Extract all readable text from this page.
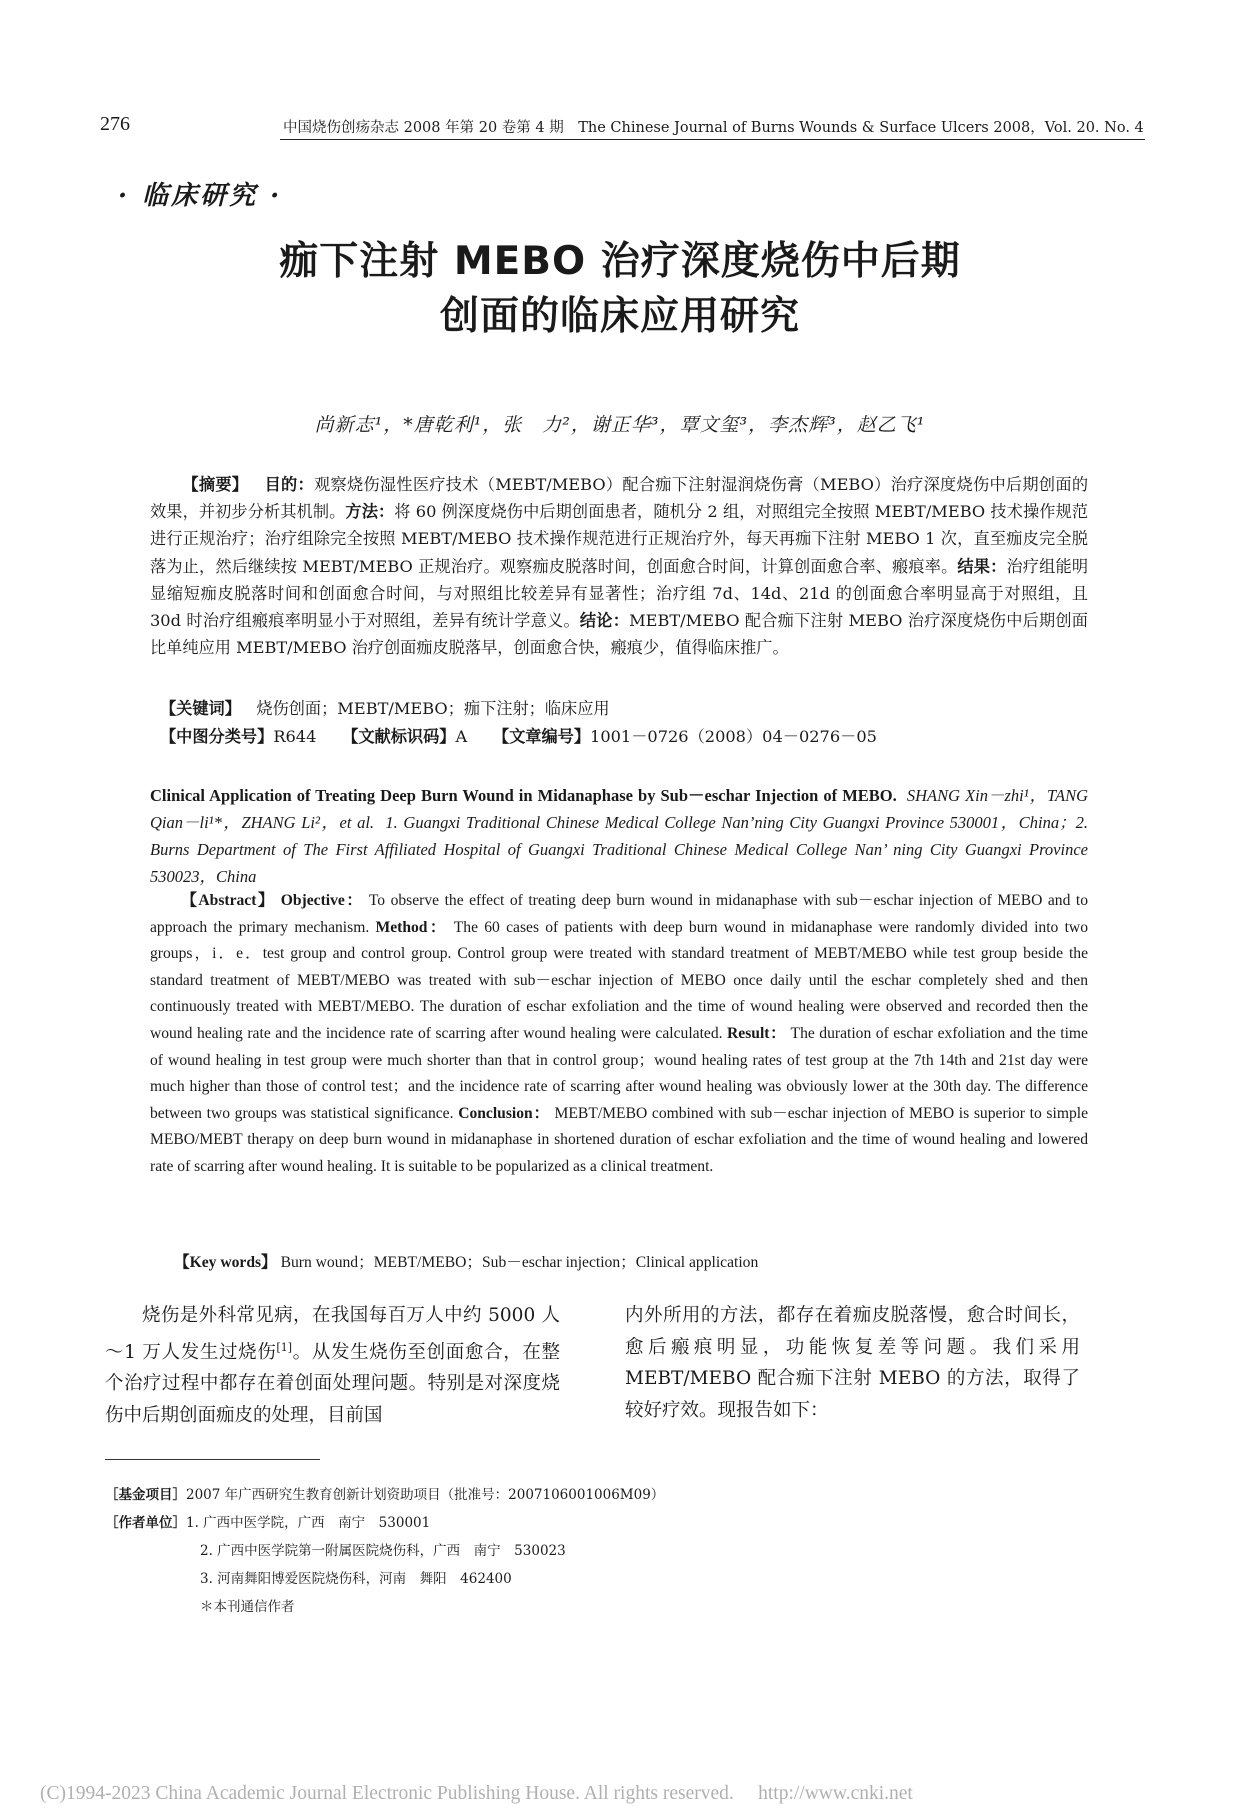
276	中国烧伤创疡杂志 2008 年第 20 卷第 4 期　The Chinese Journal of Burns Wounds & Surface Ulcers 2008，Vol. 20. No. 4
· 临床研究 ·
痂下注射 MEBO 治疗深度烧伤中后期
创面的临床应用研究
尚新志¹，*唐乾利¹，张　力²，谢正华³，覃文玺³，李杰辉³，赵乙飞¹
【摘要】 目的：观察烧伤湿性医疗技术（MEBT/MEBO）配合痂下注射湿润烧伤膏（MEBO）治疗深度烧伤中后期创面的效果，并初步分析其机制。方法：将 60 例深度烧伤中后期创面患者，随机分 2 组，对照组完全按照 MEBT/MEBO 技术操作规范进行正规治疗；治疗组除完全按照 MEBT/MEBO 技术操作规范进行正规治疗外，每天再痂下注射 MEBO 1 次，直至痂皮完全脱落为止，然后继续按 MEBT/MEBO 正规治疗。观察痂皮脱落时间，创面愈合时间，计算创面愈合率、瘢痕率。结果：治疗组能明显缩短痂皮脱落时间和创面愈合时间，与对照组比较差异有显著性；治疗组 7d、14d、21d 的创面愈合率明显高于对照组，且 30d 时治疗组瘢痕率明显小于对照组，差异有统计学意义。结论：MEBT/MEBO 配合痂下注射 MEBO 治疗深度烧伤中后期创面比单纯应用 MEBT/MEBO 治疗创面痂皮脱落早，创面愈合快，瘢痕少，值得临床推广。
【关键词】 烧伤创面；MEBT/MEBO；痂下注射；临床应用
【中图分类号】R644 【文献标识码】A 【文章编号】1001－0726（2008）04－0276－05
Clinical Application of Treating Deep Burn Wound in Midanaphase by Sub－eschar Injection of MEBO. SHANG Xin－zhi¹，TANG Qian－li¹*，ZHANG Li²，et al. 1. Guangxi Traditional Chinese Medical College Nan’ning City Guangxi Province 530001，China；2. Burns Department of The First Affiliated Hospital of Guangxi Traditional Chinese Medical College Nan’ ning City Guangxi Province 530023，China
【Abstract】 Objective： To observe the effect of treating deep burn wound in midanaphase with sub－eschar injection of MEBO and to approach the primary mechanism. Method： The 60 cases of patients with deep burn wound in midanaphase were randomly divided into two groups，i．e．test group and control group. Control group were treated with standard treatment of MEBT/MEBO while test group beside the standard treatment of MEBT/MEBO was treated with sub－eschar injection of MEBO once daily until the eschar completely shed and then continuously treated with MEBT/MEBO. The duration of eschar exfoliation and the time of wound healing were observed and recorded then the wound healing rate and the incidence rate of scarring after wound healing were calculated. Result： The duration of eschar exfoliation and the time of wound healing in test group were much shorter than that in control group；wound healing rates of test group at the 7th 14th and 21st day were much higher than those of control test；and the incidence rate of scarring after wound healing was obviously lower at the 30th day. The difference between two groups was statistical significance. Conclusion： MEBT/MEBO combined with sub－eschar injection of MEBO is superior to simple MEBO/MEBT therapy on deep burn wound in midanaphase in shortened duration of eschar exfoliation and the time of wound healing and lowered rate of scarring after wound healing. It is suitable to be popularized as a clinical treatment.
【Key words】 Burn wound；MEBT/MEBO；Sub－eschar injection；Clinical application
烧伤是外科常见病，在我国每百万人中约 5000 人～1 万人发生过烧伤[1]。从发生烧伤至创面愈合，在整个治疗过程中都存在着创面处理问题。特别是对深度烧伤中后期创面痂皮的处理，目前国
内外所用的方法，都存在着痂皮脱落慢，愈合时间长，愈后瘢痕明显，功能恢复差等问题。我们采用 MEBT/MEBO 配合痂下注射 MEBO 的方法，取得了较好疗效。现报告如下：
［基金项目］2007 年广西研究生教育创新计划资助项目（批准号：2007106001006M09）
［作者单位］1. 广西中医学院，广西　南宁　530001
2. 广西中医学院第一附属医院烧伤科，广西　南宁　530023
3. 河南舞阳博爱医院烧伤科，河南　舞阳　462400
＊本刊通信作者
(C)1994-2023 China Academic Journal Electronic Publishing House. All rights reserved.　 http://www.cnki.net
